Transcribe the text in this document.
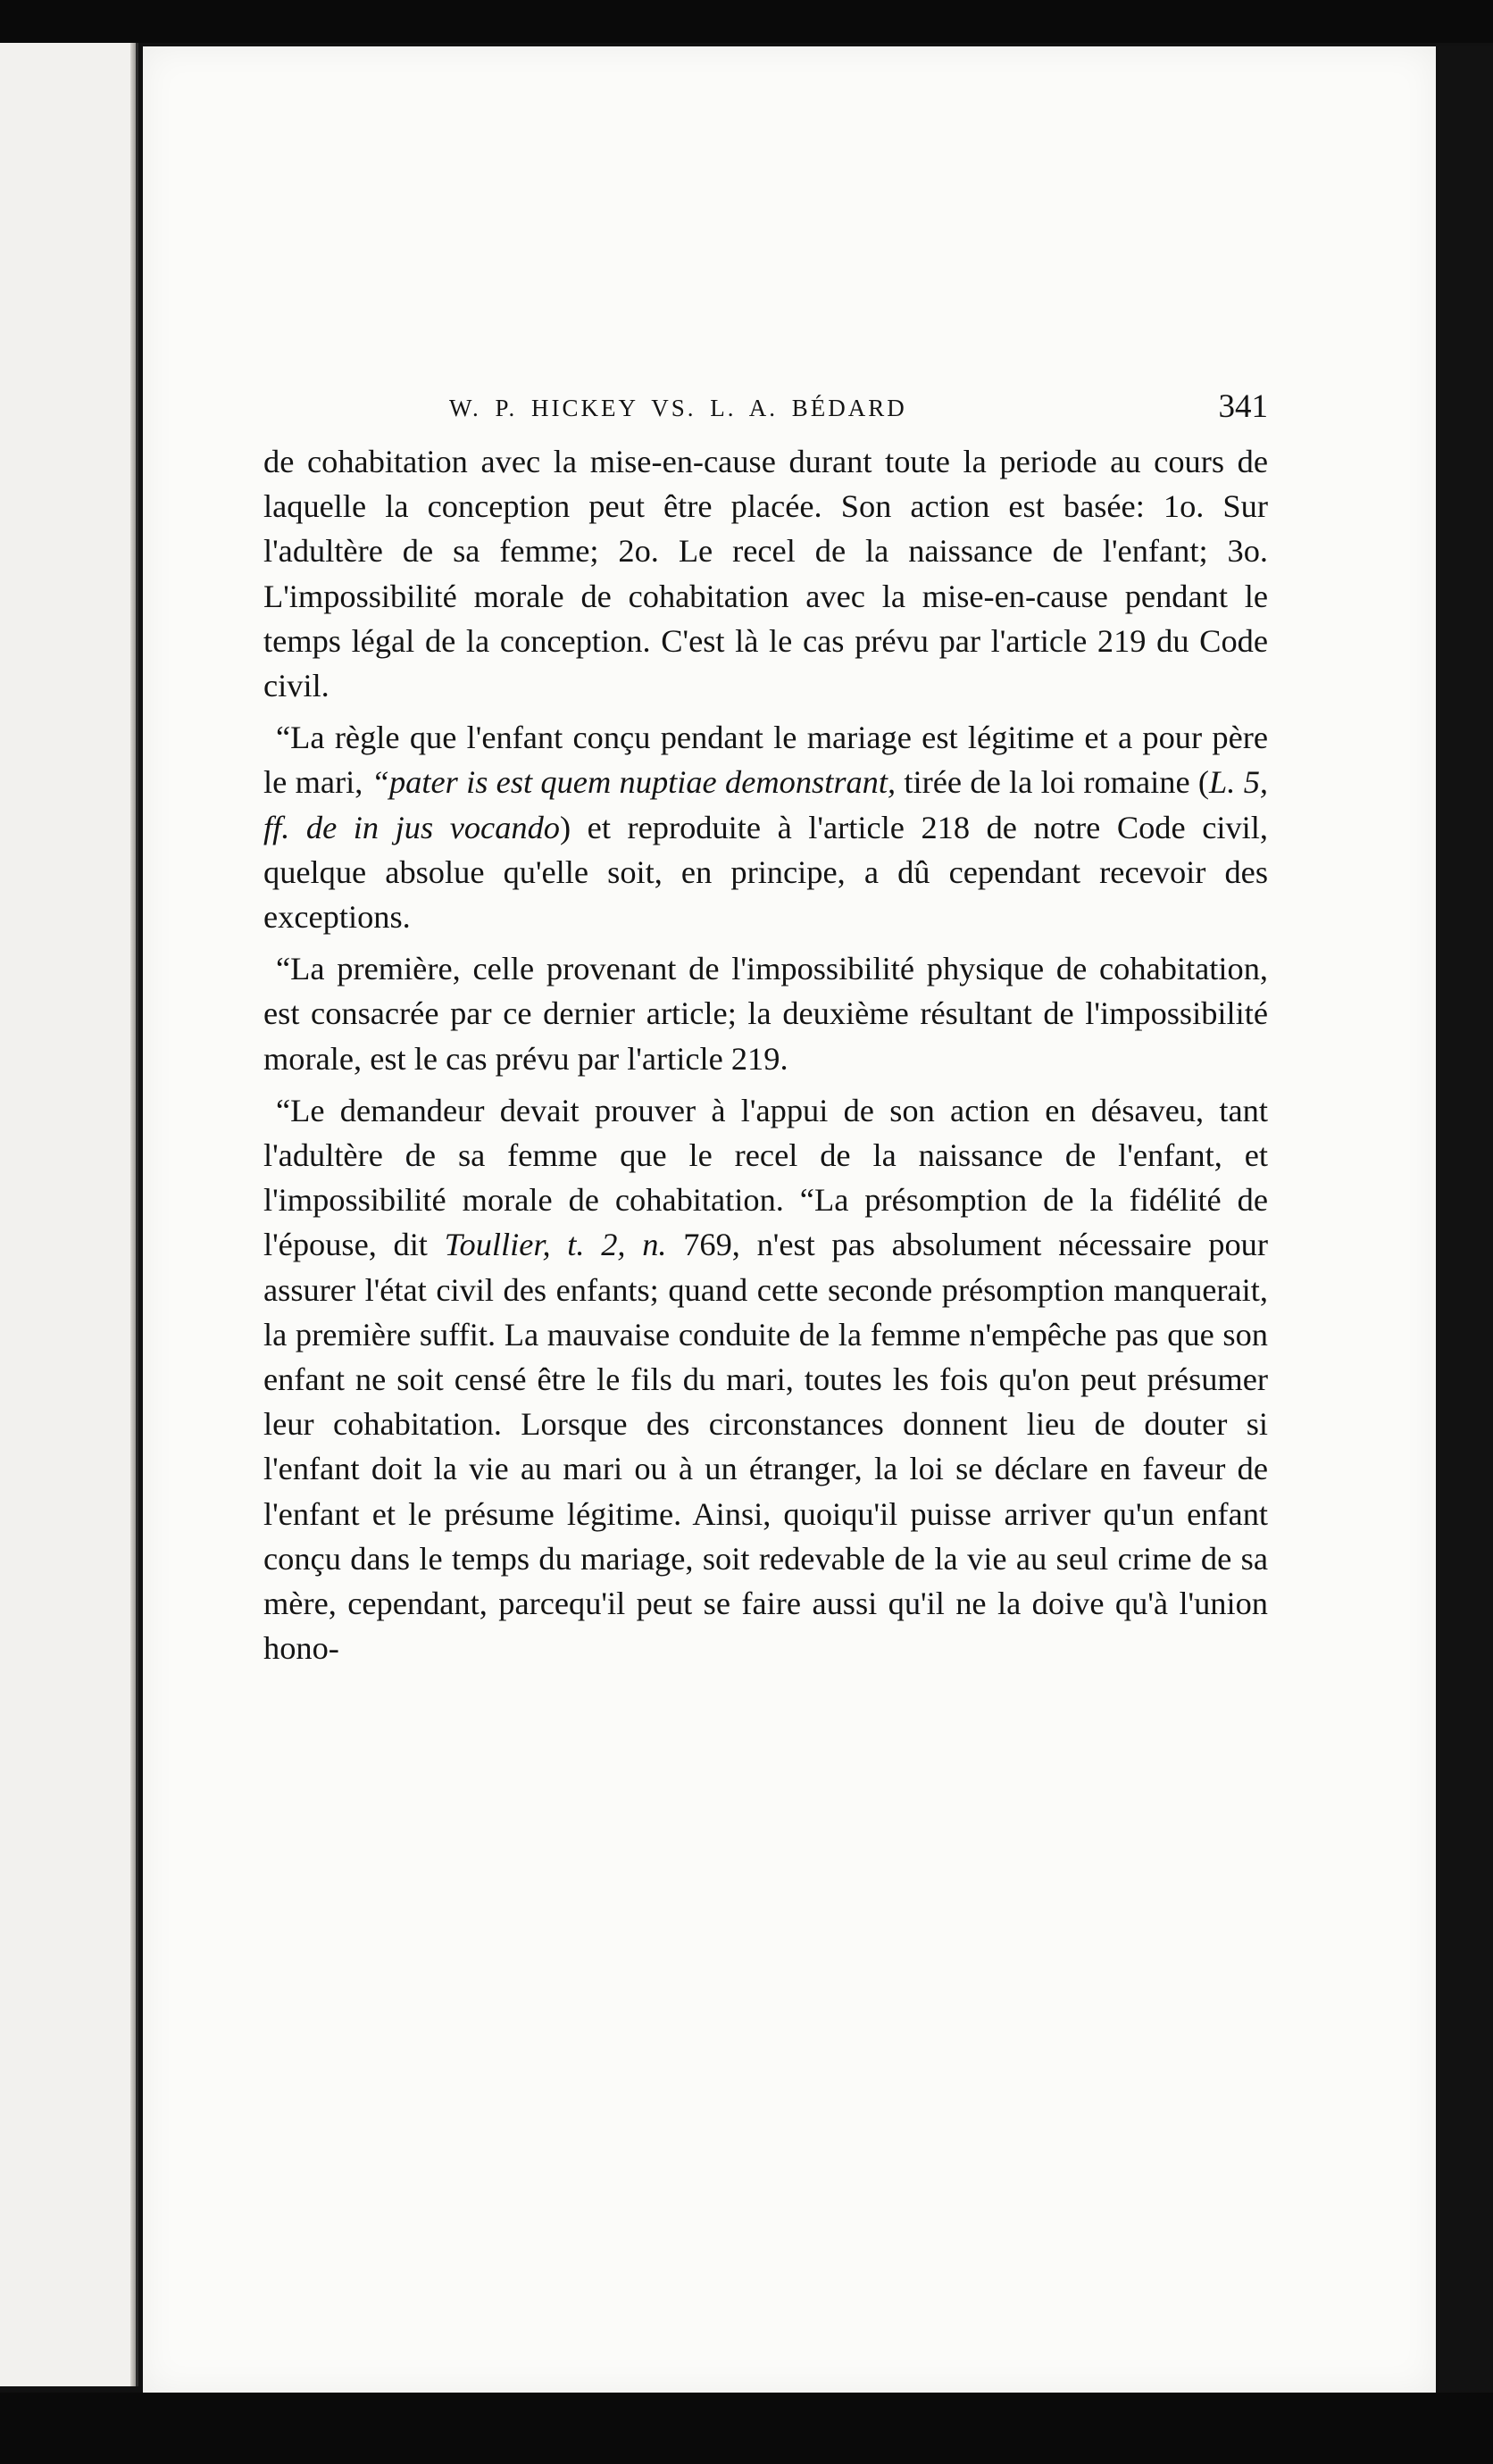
W. P. HICKEY VS. L. A. BÉDARD	341

de cohabitation avec la mise-en-cause durant toute la periode au cours de laquelle la conception peut être placée. Son action est basée: 1o. Sur l'adultère de sa femme; 2o. Le recel de la naissance de l'enfant; 3o. L'impossibilité morale de cohabitation avec la mise-en-cause pendant le temps légal de la conception. C'est là le cas prévu par l'article 219 du Code civil.

“La règle que l'enfant conçu pendant le mariage est légitime et a pour père le mari, “pater is est quem nuptiae demonstrant, tirée de la loi romaine (L. 5, ff. de in jus vocando) et reproduite à l'article 218 de notre Code civil, quelque absolue qu'elle soit, en principe, a dû cependant recevoir des exceptions.

“La première, celle provenant de l'impossibilité physique de cohabitation, est consacrée par ce dernier article; la deuxième résultant de l'impossibilité morale, est le cas prévu par l'article 219.

“Le demandeur devait prouver à l'appui de son action en désaveu, tant l'adultère de sa femme que le recel de la naissance de l'enfant, et l'impossibilité morale de cohabitation. “La présomption de la fidélité de l'épouse, dit Toullier, t. 2, n. 769, n'est pas absolument nécessaire pour assurer l'état civil des enfants; quand cette seconde présomption manquerait, la première suffit. La mauvaise conduite de la femme n'empêche pas que son enfant ne soit censé être le fils du mari, toutes les fois qu'on peut présumer leur cohabitation. Lorsque des circonstances donnent lieu de douter si l'enfant doit la vie au mari ou à un étranger, la loi se déclare en faveur de l'enfant et le présume légitime. Ainsi, quoiqu'il puisse arriver qu'un enfant conçu dans le temps du mariage, soit redevable de la vie au seul crime de sa mère, cependant, parcequ'il peut se faire aussi qu'il ne la doive qu'à l'union hono-
